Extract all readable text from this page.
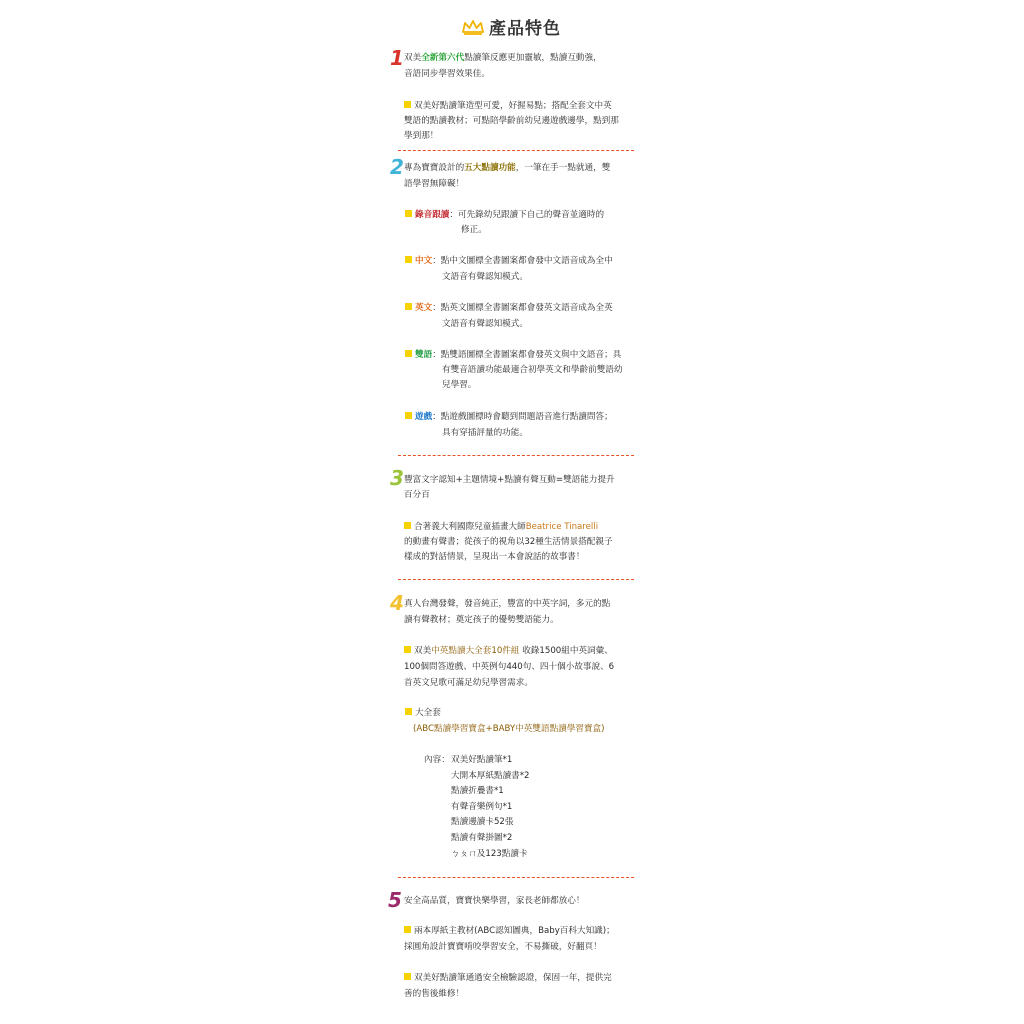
產品特色
1 双美全新第六代點讀筆反應更加靈敏，點讀互動強，
音語同步學習效果佳。
双美好點讀筆造型可愛，好握易點；搭配全套文中英
雙語的點讀教材；可點陪學齡前幼兒邊遊戲邊學，點到那
學到那！
2 專為寶寶設計的五大點讀功能，一筆在手一點就通，雙
語學習無障礙！
錄音跟讀：可先錄幼兒跟讀下自己的聲音並適時的
修正。
中文：點中文圖標全書圖案都會發中文語音成為全中
文語音有聲認知模式。
英文：點英文圖標全書圖案都會發英文語音成為全英
文語音有聲認知模式。
雙語：點雙語圖標全書圖案都會發英文與中文語音；具
有雙音語讀功能最適合初學英文和學齡前雙語幼
兒學習。
遊戲：點遊戲圖標時會聽到問題語音進行點讀問答；
具有穿插評量的功能。
3 豐富文字認知+主題情境+點讀有聲互動=雙語能力提升
百分百
合著義大利國際兒童插畫大師Beatrice Tinarelli
的動畫有聲書；從孩子的視角以32種生活情景搭配親子
樣成的對話情景，呈現出一本會說話的故事書！
4 真人台灣發聲，發音純正，豐富的中英字詞，多元的點
讀有聲教材；奠定孩子的優勢雙語能力。
双美中英點讀大全套10件組 收錄1500組中英詞彙、
100個問答遊戲、中英例句440句、四十個小故事說、6
首英文兒歌可滿足幼兒學習需求。
大全套
(ABC點讀學習寶盒+BABY中英雙語點讀學習寶盒)
內容： 双美好點讀筆*1
大開本厚紙點讀書*2
點讀折疊書*1
有聲音樂例句*1
點讀邊讀卡52張
點讀有聲掛圖*2
ㄅㄆㄇ及123點讀卡
5 安全高品質，寶寶快樂學習，家長老師都放心！
兩本厚紙主教材(ABC認知圖典，Baby百科大知識)；
採圓角設計寶寶啃咬學習安全，不易撕破，好翻頁！
双美好點讀筆通過安全檢驗認證，保固一年，提供完
善的售後維修！
